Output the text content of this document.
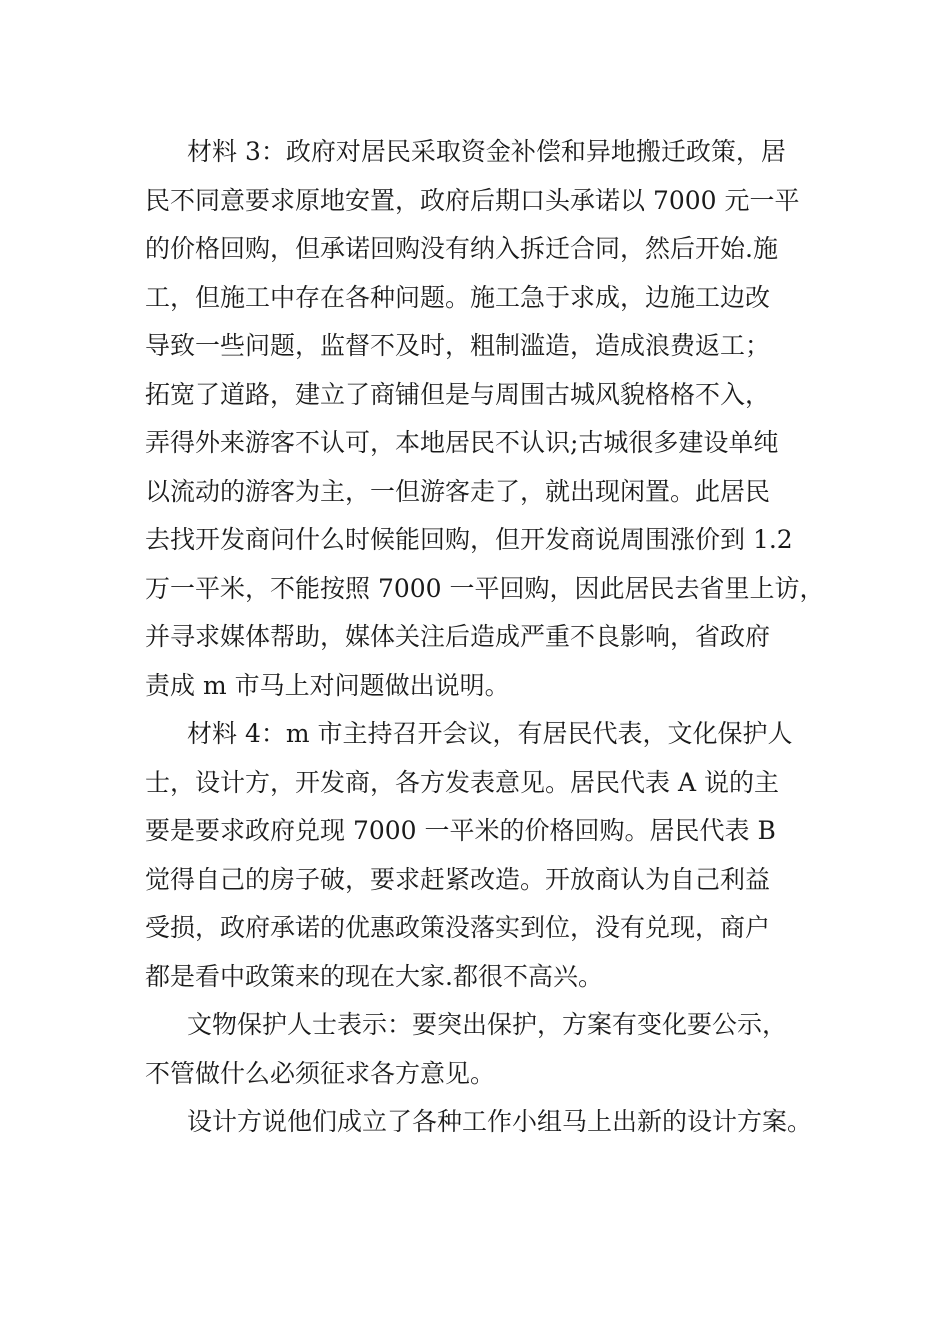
材料 3：政府对居民采取资金补偿和异地搬迁政策，居

民不同意要求原地安置，政府后期口头承诺以 7000 元一平

的价格回购，但承诺回购没有纳入拆迁合同，然后开始.施

工，但施工中存在各种问题。施工急于求成，边施工边改

导致一些问题，监督不及时，粗制滥造，造成浪费返工；

拓宽了道路，建立了商铺但是与周围古城风貌格格不入，

弄得外来游客不认可，本地居民不认识;古城很多建设单纯

以流动的游客为主，一但游客走了，就出现闲置。此居民

去找开发商问什么时候能回购，但开发商说周围涨价到 1.2

万一平米，不能按照 7000 一平回购，因此居民去省里上访，

并寻求媒体帮助，媒体关注后造成严重不良影响，省政府

责成 m 市马上对问题做出说明。

材料 4：m 市主持召开会议，有居民代表，文化保护人

士，设计方，开发商，各方发表意见。居民代表 A 说的主

要是要求政府兑现 7000 一平米的价格回购。居民代表 B

觉得自己的房子破，要求赶紧改造。开放商认为自己利益

受损，政府承诺的优惠政策没落实到位，没有兑现，商户

都是看中政策来的现在大家.都很不高兴。

文物保护人士表示：要突出保护，方案有变化要公示，

不管做什么必须征求各方意见。

设计方说他们成立了各种工作小组马上出新的设计方案。
